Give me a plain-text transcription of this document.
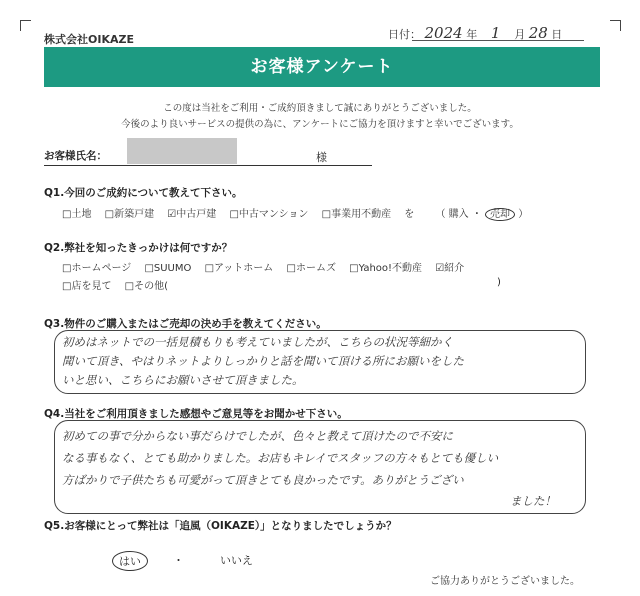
株式会社OIKAZE	日付： 2024 年 1 月 28 日
お客様アンケート
この度は当社をご利用・ご成約頂きまして誠にありがとうございました。
今後のより良いサービスの提供の為に、アンケートにご協力を頂けますと幸いでございます。
お客様氏名：	様
Q1.今回のご成約について教えて下さい。
□土地 □新築戸建 ☑中古戸建 □中古マンション □事業用不動産 を （ 購入 ・ 売却 ）
Q2.弊社を知ったきっかけは何ですか？
□ホームページ □SUUMO □アットホーム □ホームズ □Yahoo!不動産 ☑紹介
□店を見て □その他(	)
Q3.物件のご購入またはご売却の決め手を教えてください。
初めはネットでの一括見積もりも考えていましたが、こちらの状況等細かく
聞いて頂き、やはりネットよりしっかりと話を聞いて頂ける所にお願いをした
いと思い、こちらにお願いさせて頂きました。
Q4.当社をご利用頂きました感想やご意見等をお聞かせ下さい。
初めての事で分からない事だらけでしたが、色々と教えて頂けたので不安に
なる事もなく、とても助かりました。お店もキレイでスタッフの方々もとても優しい
方ばかりで子供たちも可愛がって頂きとても良かったです。ありがとうござい
ました！
Q5.お客様にとって弊社は「追風（OIKAZE）」となりましたでしょうか？
はい	・	いいえ
ご協力ありがとうございました。
